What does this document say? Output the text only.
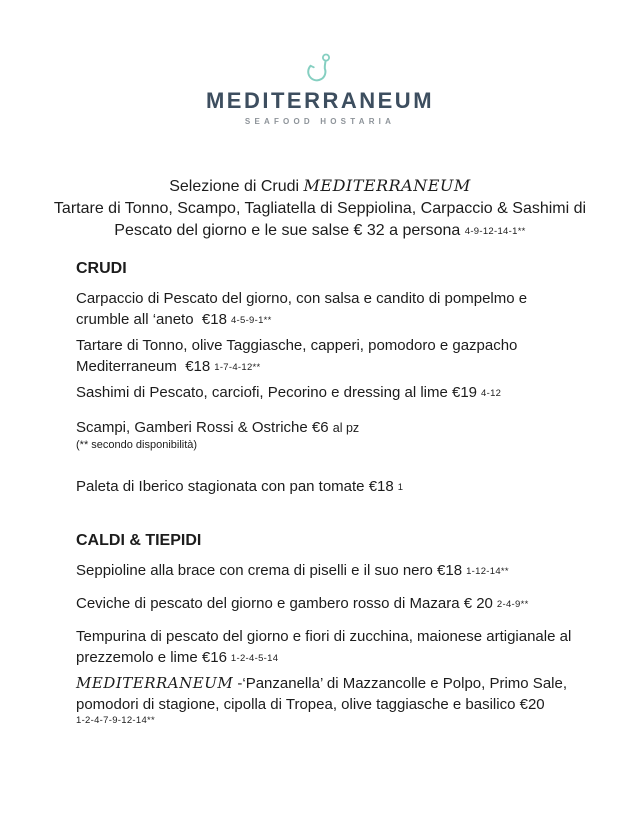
MEDITERRANEUM
SEAFOOD HOSTARIA
Selezione di Crudi MEDITERRANEUM
Tartare di Tonno, Scampo, Tagliatella di Seppiolina, Carpaccio & Sashimi di
Pescato del giorno e le sue salse € 32 a persona 4-9-12-14-1**
CRUDI

Carpaccio di Pescato del giorno, con salsa e candito di pompelmo e crumble all ‘aneto  €18 4-5-9-1**

Tartare di Tonno, olive Taggiasche, capperi, pomodoro e gazpacho Mediterraneum  €18 1-7-4-12**

Sashimi di Pescato, carciofi, Pecorino e dressing al lime €19 4-12

Scampi, Gamberi Rossi & Ostriche €6 al pz
(** secondo disponibilità)

Paleta di Iberico stagionata con pan tomate €18 1

CALDI & TIEPIDI

Seppioline alla brace con crema di piselli e il suo nero €18 1-12-14**

Ceviche di pescato del giorno e gambero rosso di Mazara € 20 2-4-9**

Tempurina di pescato del giorno e fiori di zucchina, maionese artigianale al prezzemolo e lime €16 1-2-4-5-14

MEDITERRANEUM -‘Panzanella’ di Mazzancolle e Polpo, Primo Sale, pomodori di stagione, cipolla di Tropea, olive taggiasche e basilico €20
1-2-4-7-9-12-14**
